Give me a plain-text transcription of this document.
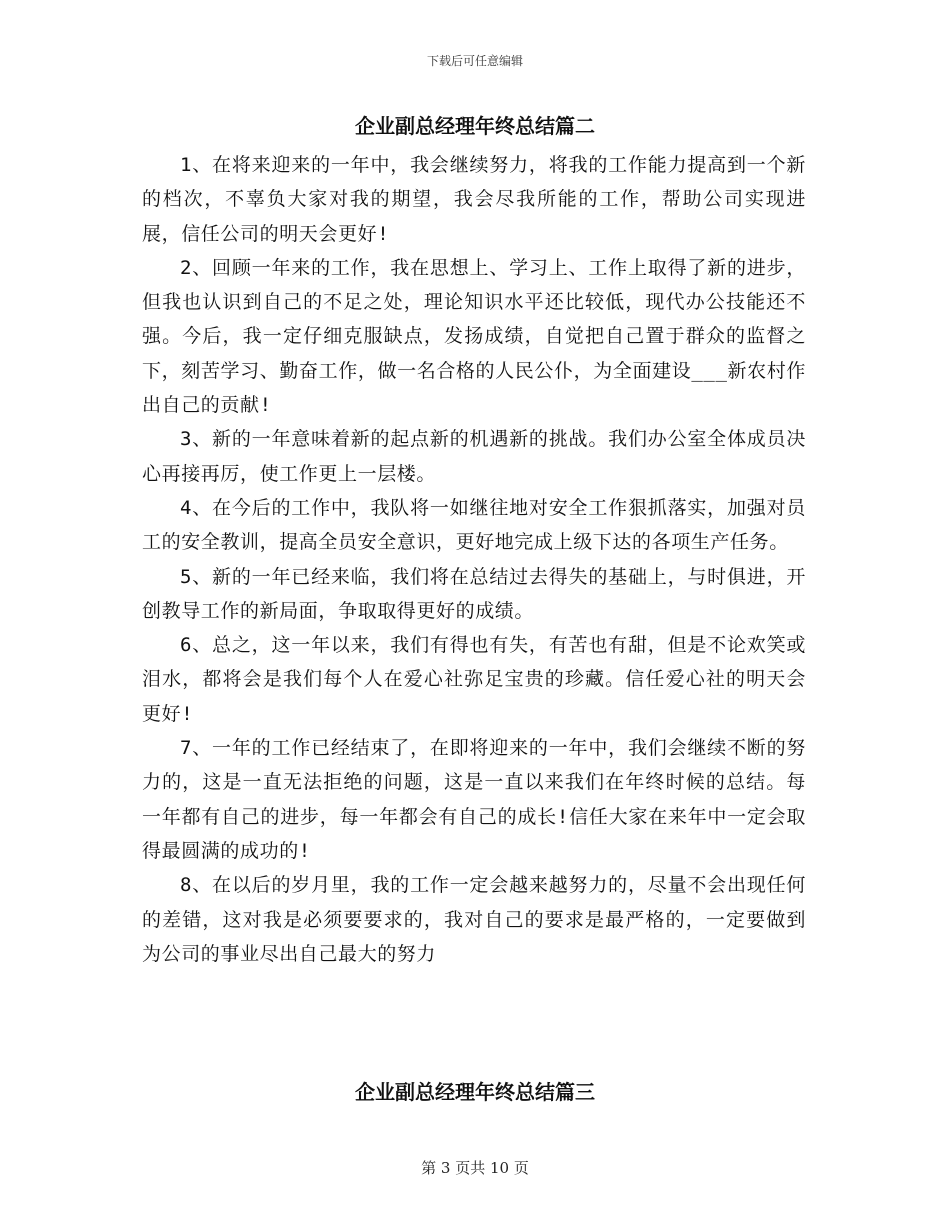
下载后可任意编辑
企业副总经理年终总结篇二

1、在将来迎来的一年中，我会继续努力，将我的工作能力提高到一个新的档次，不辜负大家对我的期望，我会尽我所能的工作，帮助公司实现进展，信任公司的明天会更好!

2、回顾一年来的工作，我在思想上、学习上、工作上取得了新的进步，但我也认识到自己的不足之处，理论知识水平还比较低，现代办公技能还不强。今后，我一定仔细克服缺点，发扬成绩，自觉把自己置于群众的监督之下，刻苦学习、勤奋工作，做一名合格的人民公仆，为全面建设___新农村作出自己的贡献!

3、新的一年意味着新的起点新的机遇新的挑战。我们办公室全体成员决心再接再厉，使工作更上一层楼。

4、在今后的工作中，我队将一如继往地对安全工作狠抓落实，加强对员工的安全教训，提高全员安全意识，更好地完成上级下达的各项生产任务。

5、新的一年已经来临，我们将在总结过去得失的基础上，与时俱进，开创教导工作的新局面，争取取得更好的成绩。

6、总之，这一年以来，我们有得也有失，有苦也有甜，但是不论欢笑或泪水，都将会是我们每个人在爱心社弥足宝贵的珍藏。信任爱心社的明天会更好!

7、一年的工作已经结束了，在即将迎来的一年中，我们会继续不断的努力的，这是一直无法拒绝的问题，这是一直以来我们在年终时候的总结。每一年都有自己的进步，每一年都会有自己的成长!信任大家在来年中一定会取得最圆满的成功的!

8、在以后的岁月里，我的工作一定会越来越努力的，尽量不会出现任何的差错，这对我是必须要要求的，我对自己的要求是最严格的，一定要做到为公司的事业尽出自己最大的努力

企业副总经理年终总结篇三
第 3 页共 10 页
